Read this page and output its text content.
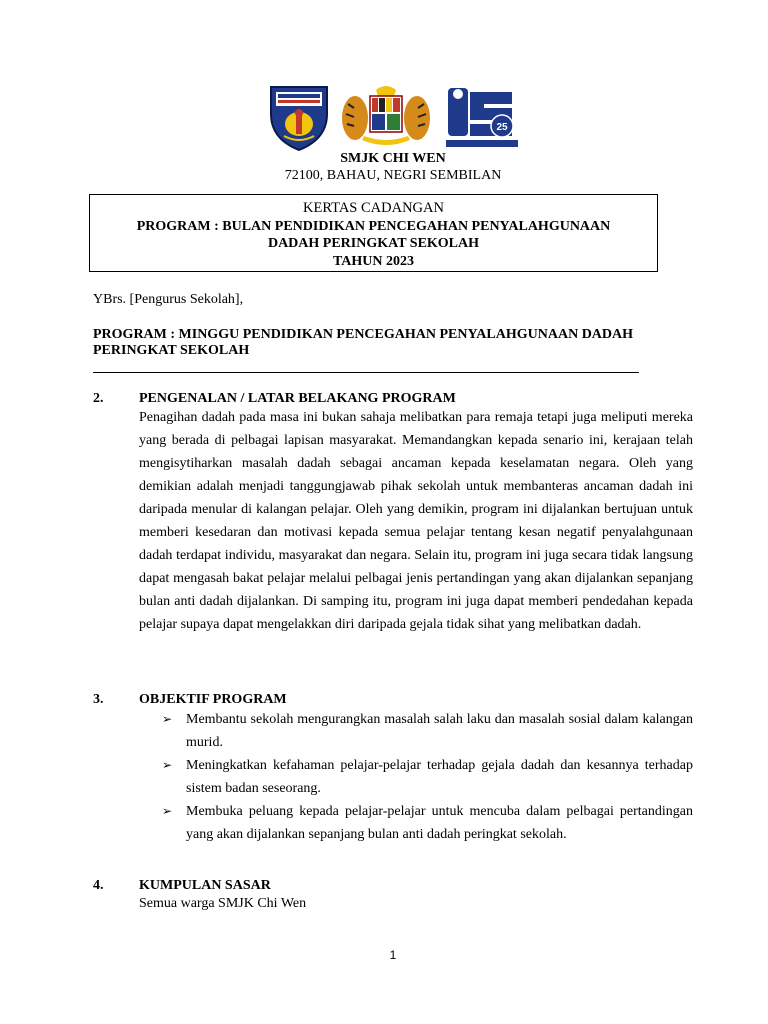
25
SMJK CHI WEN
72100, BAHAU, NEGRI SEMBILAN
KERTAS CADANGAN
PROGRAM : BULAN PENDIDIKAN PENCEGAHAN PENYALAHGUNAAN
DADAH PERINGKAT SEKOLAH
TAHUN 2023
YBrs. [Pengurus Sekolah],
PROGRAM : MINGGU PENDIDIKAN PENCEGAHAN PENYALAHGUNAAN DADAH PERINGKAT SEKOLAH
2.	PENGENALAN / LATAR BELAKANG PROGRAM
Penagihan dadah pada masa ini bukan sahaja melibatkan para remaja tetapi juga meliputi mereka yang berada di pelbagai lapisan masyarakat. Memandangkan kepada senario ini, kerajaan telah mengisytiharkan masalah dadah sebagai ancaman kepada keselamatan negara. Oleh yang demikian adalah menjadi tanggungjawab pihak sekolah untuk membanteras ancaman dadah ini daripada menular di kalangan pelajar. Oleh yang demikin, program ini dijalankan bertujuan untuk memberi kesedaran dan motivasi kepada semua pelajar tentang kesan negatif penyalahgunaan dadah terdapat individu, masyarakat dan negara. Selain itu, program ini juga secara tidak langsung dapat mengasah bakat pelajar melalui pelbagai jenis pertandingan yang akan dijalankan sepanjang bulan anti dadah dijalankan. Di samping itu, program ini juga dapat memberi pendedahan kepada pelajar supaya dapat mengelakkan diri daripada gejala tidak sihat yang melibatkan dadah.
3.	OBJEKTIF PROGRAM
➢ Membantu sekolah mengurangkan masalah salah laku dan masalah sosial dalam kalangan murid.
➢ Meningkatkan kefahaman pelajar-pelajar terhadap gejala dadah dan kesannya terhadap sistem badan seseorang.
➢ Membuka peluang kepada pelajar-pelajar untuk mencuba dalam pelbagai pertandingan yang akan dijalankan sepanjang bulan anti dadah peringkat sekolah.
4.	KUMPULAN SASAR
Semua warga SMJK Chi Wen
1
